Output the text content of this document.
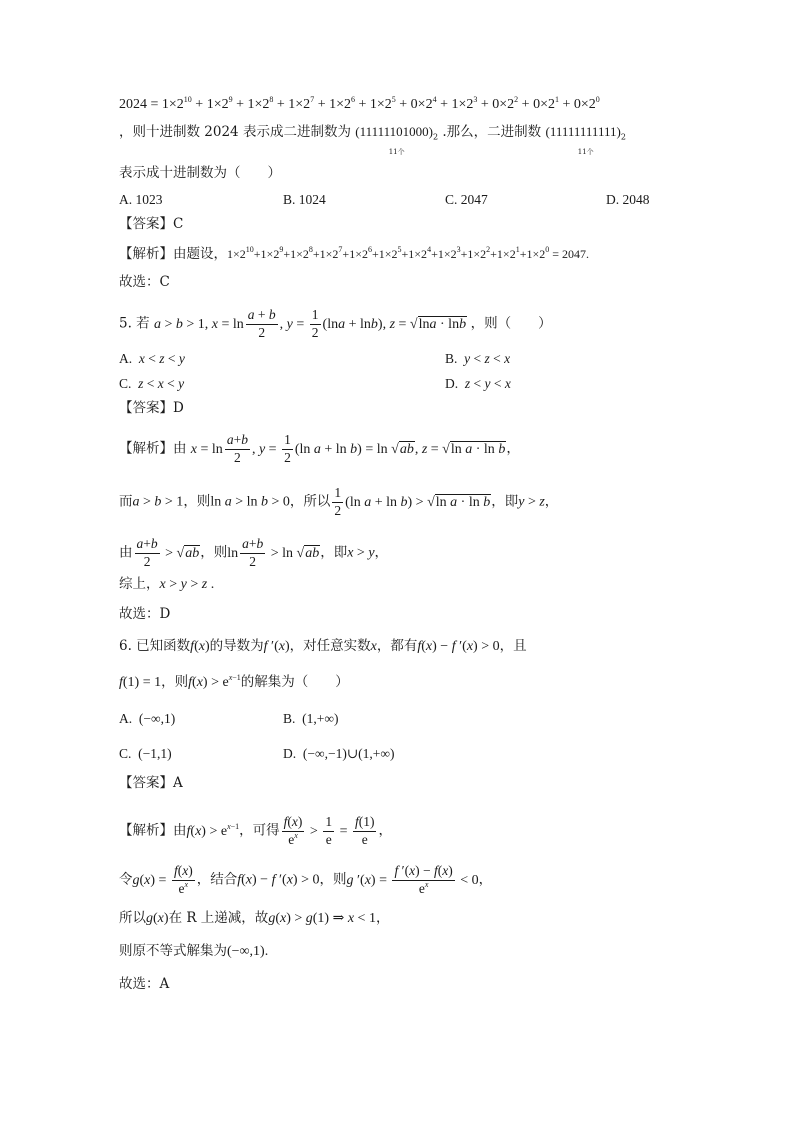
$2024 = 1\times 2^{10} + 1\times 2^9 + 1\times 2^8 + 1\times 2^7 + 1\times 2^6 + 1\times 2^5 + 0\times 2^4 + 1\times 2^3 + 0\times 2^2 + 0\times 2^1 + 0\times 2^0$
，则十进制数 2024 表示成二进制数为 $(11111101000)_2$
11个
.那么，二进制数 $(11111111111)_2$
11个
表示成十进制数为（　　）
A. 1023	B. 1024	C. 2047	D. 2048
【答案】C
【解析】由题设，$1\times 2^{10}+1\times 2^9+1\times 2^8+1\times 2^7+1\times 2^6+1\times 2^5+1\times 2^4+1\times 2^3+1\times 2^2+1\times 2^1+1\times 2^0 = 2047$.
故选：C
5. 若 a > b > 1, $x = \ln \frac{a + b}{2}$ , $y = \frac{1}{2} (\ln a + \ln b)$, z = √lna · lnb ，则（　　）
A. x < z < y	B. y < z < x
C. z < x < y	D. z < y < x
【答案】D
【解析】由 $x = \ln \frac{a+b}{2}$ , $y = \frac{1}{2} (\ln$ a + ln b) = ln √ab, z = √ln a · ln b，
而a > b > 1，则ln a > ln b > 0，所以 $\frac{1}{2} (\ln$ a + ln b) > √ln a · ln b，即y > z，
由 $\frac{a+b}{2} > √ab$，则$\ln \frac{a+b}{2} > \ln √ab$，即x > y，
综上，x > y > z .
故选：D
6. 已知函数f(x)的导数为f ′(x)，对任意实数x，都有f(x) − f ′(x) > 0，且
f(1) = 1，则$f(x) > e^{x-1}$的解集为（　　）
A.  (−∞,1)	B.  (1,+∞)
C.  (−1,1)	D.  (−∞,−1)∪(1,+∞)
【答案】A
【解析】由$f(x) > e^{x-1}$，可得 $\frac{f(x)}{e^x} > \frac{1}{e} = \frac{f(1)}{e}$ ，
令$g(x) = \frac{f(x)}{e^x}$ ，结合f(x) − f ′(x) > 0，则g $'(x) = \frac{f '(x) - f(x)}{e^x} < 0$，
所以g(x)在 R 上递减，故g(x) > g(1) ⇒ x < 1，
则原不等式解集为(−∞,1).
故选：A
